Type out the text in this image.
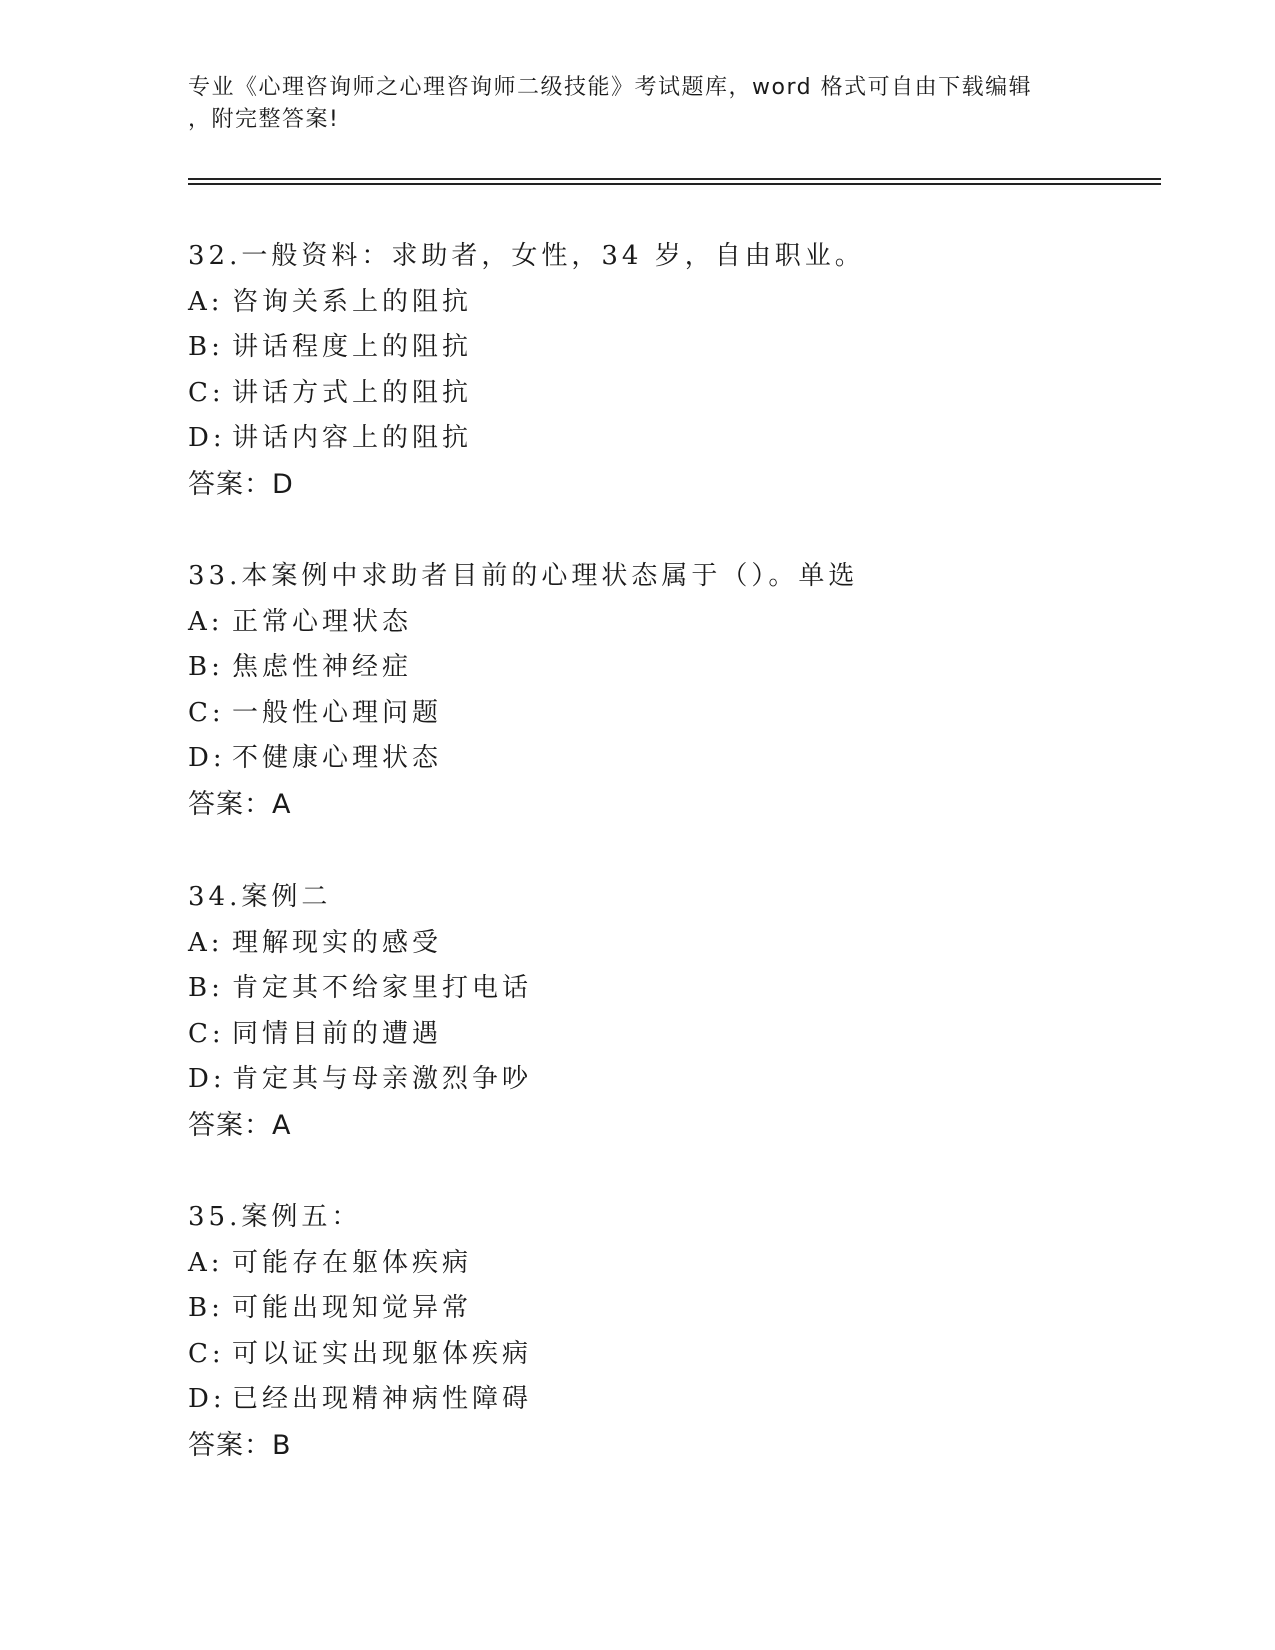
专业《心理咨询师之心理咨询师二级技能》考试题库，word 格式可自由下载编辑
，附完整答案!
32.一般资料：求助者，女性，34 岁，自由职业。
A: 咨询关系上的阻抗
B: 讲话程度上的阻抗
C: 讲话方式上的阻抗
D: 讲话内容上的阻抗
答案：D
33.本案例中求助者目前的心理状态属于（）。单选
A: 正常心理状态
B: 焦虑性神经症
C: 一般性心理问题
D: 不健康心理状态
答案：A
34.案例二
A: 理解现实的感受
B: 肯定其不给家里打电话
C: 同情目前的遭遇
D: 肯定其与母亲激烈争吵
答案：A
35.案例五：
A: 可能存在躯体疾病
B: 可能出现知觉异常
C: 可以证实出现躯体疾病
D: 已经出现精神病性障碍
答案：B
